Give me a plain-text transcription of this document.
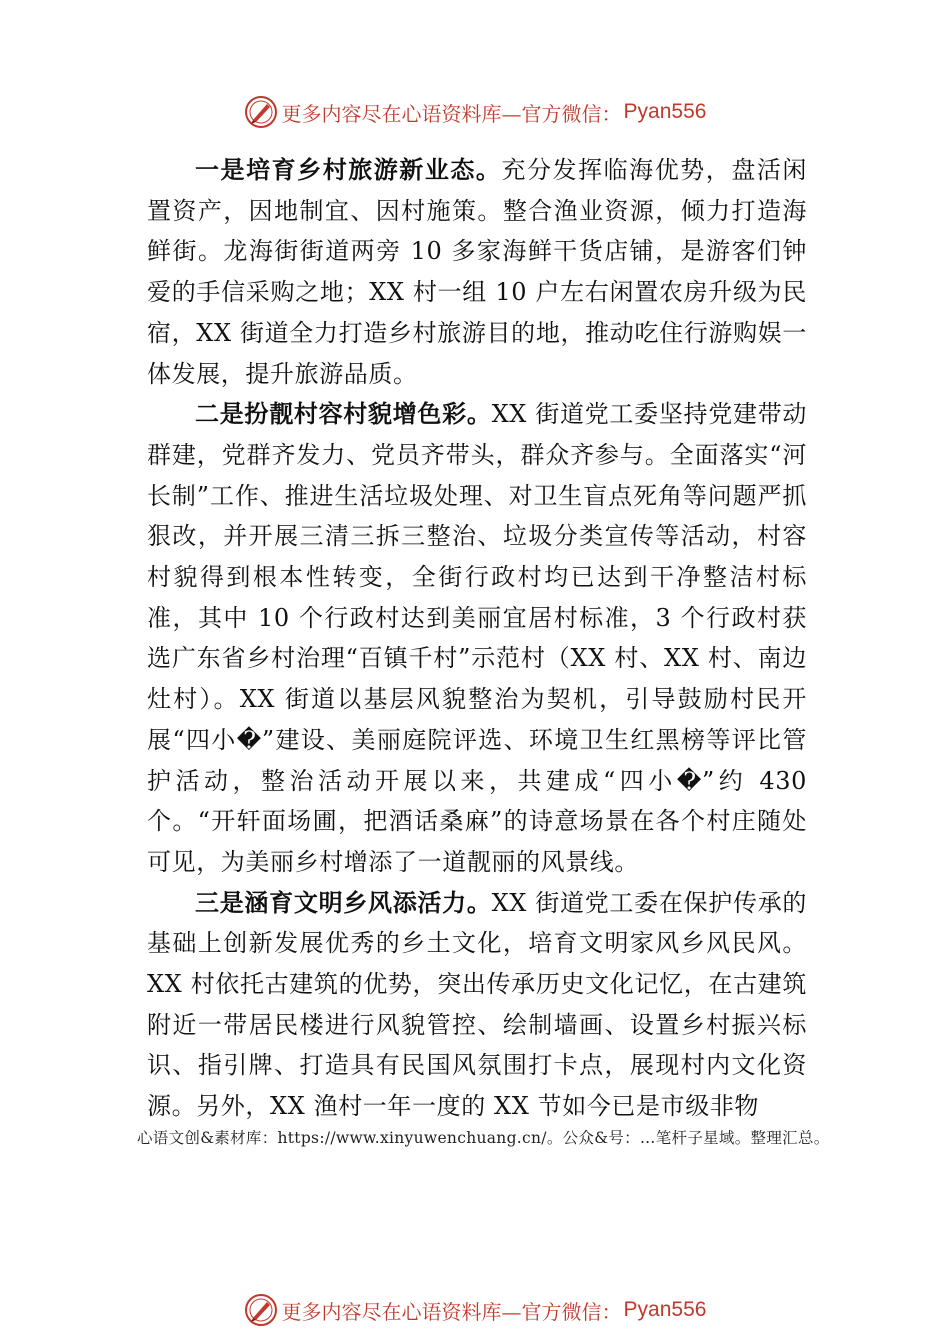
更多内容尽在心语资料库—官方微信： Pyan556

一是培育乡村旅游新业态。充分发挥临海优势，盘活闲置资产，因地制宜、因村施策。整合渔业资源，倾力打造海鲜街。龙海街街道两旁 10 多家海鲜干货店铺，是游客们钟爱的手信采购之地；XX 村一组 10 户左右闲置农房升级为民宿，XX 街道全力打造乡村旅游目的地，推动吃住行游购娱一体发展，提升旅游品质。

二是扮靓村容村貌增色彩。XX 街道党工委坚持党建带动群建，党群齐发力、党员齐带头，群众齐参与。全面落实“河长制”工作、推进生活垃圾处理、对卫生盲点死角等问题严抓狠改，并开展三清三拆三整治、垃圾分类宣传等活动，村容村貌得到根本性转变，全街行政村均已达到干净整洁村标准，其中 10 个行政村达到美丽宜居村标准，3 个行政村获选广东省乡村治理“百镇千村”示范村（XX 村、XX 村、南边灶村）。XX 街道以基层风貌整治为契机，引导鼓励村民开展“四小�”建设、美丽庭院评选、环境卫生红黑榜等评比管护活动，整治活动开展以来，共建成“四小�”约 430 个。“开轩面场圃，把酒话桑麻”的诗意场景在各个村庄随处可见，为美丽乡村增添了一道靓丽的风景线。

三是涵育文明乡风添活力。XX 街道党工委在保护传承的基础上创新发展优秀的乡土文化，培育文明家风乡风民风。XX 村依托古建筑的优势，突出传承历史文化记忆，在古建筑附近一带居民楼进行风貌管控、绘制墙画、设置乡村振兴标识、指引牌、打造具有民国风氛围打卡点，展现村内文化资源。另外，XX 渔村一年一度的 XX 节如今已是市级非物

心语文创&素材库：https://www.xinyuwenchuang.cn/。公众&号：…笔杆子星域。整理汇总。
更多内容尽在心语资料库—官方微信： Pyan556
